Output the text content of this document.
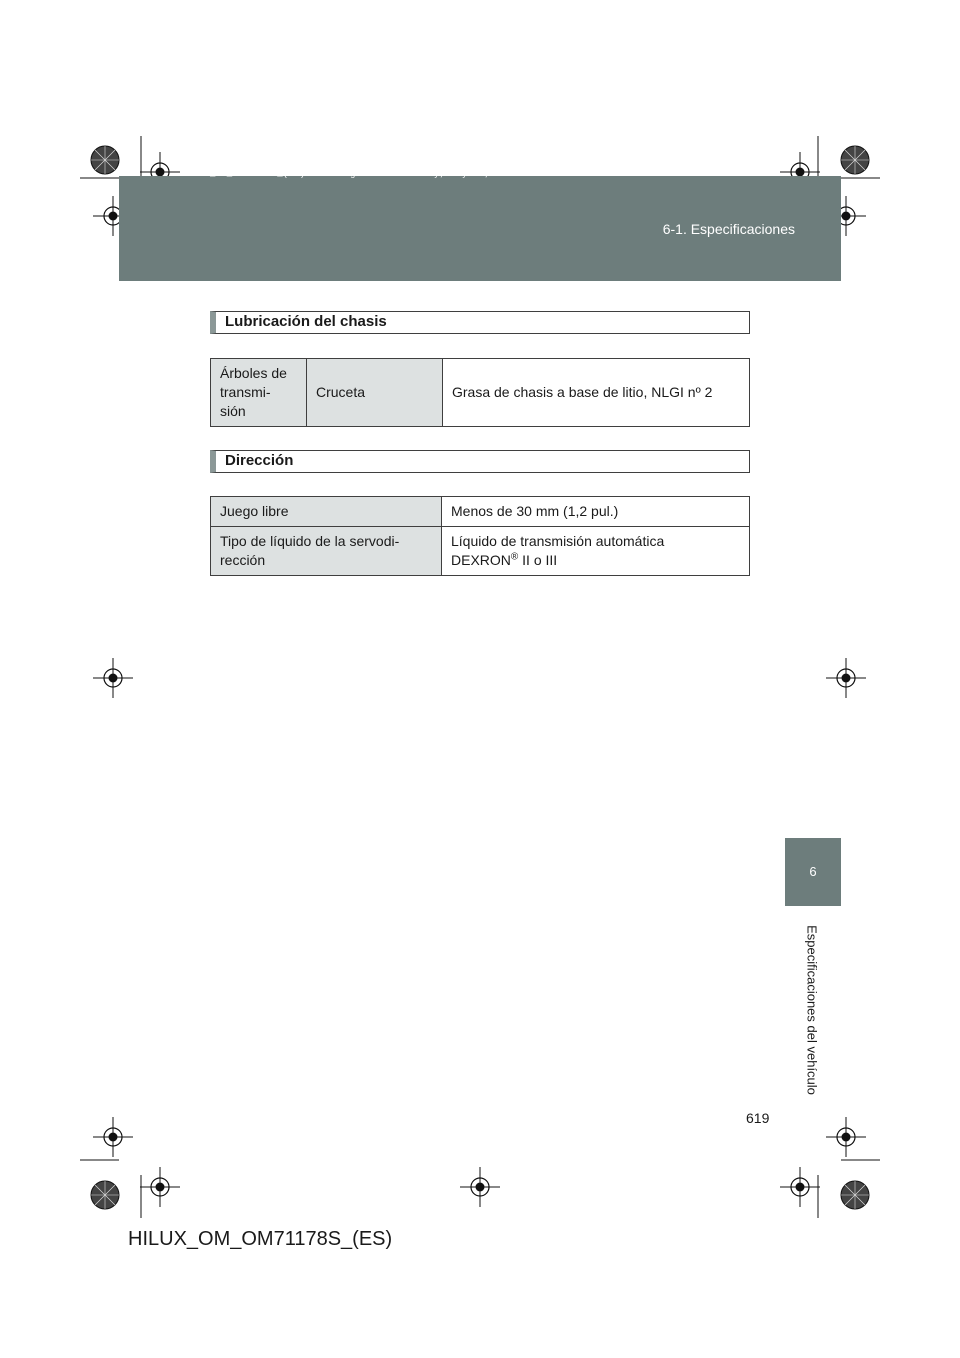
HILUX_OM_OM71178S_(ES).book Page 619 Wednesday, May 16, 2012 3:09 PM
6-1. Especificaciones
6
Especificaciones del vehículo
Lubricación del chasis
Árboles de transmi- sión	Cruceta	Grasa de chasis a base de litio, NLGI nº 2
Dirección
Juego libre	Menos de 30 mm (1,2 pul.)
Tipo de líquido de la servodi- rección	Líquido de transmisión automática
DEXRON® II o III
619
HILUX_OM_OM71178S_(ES)
